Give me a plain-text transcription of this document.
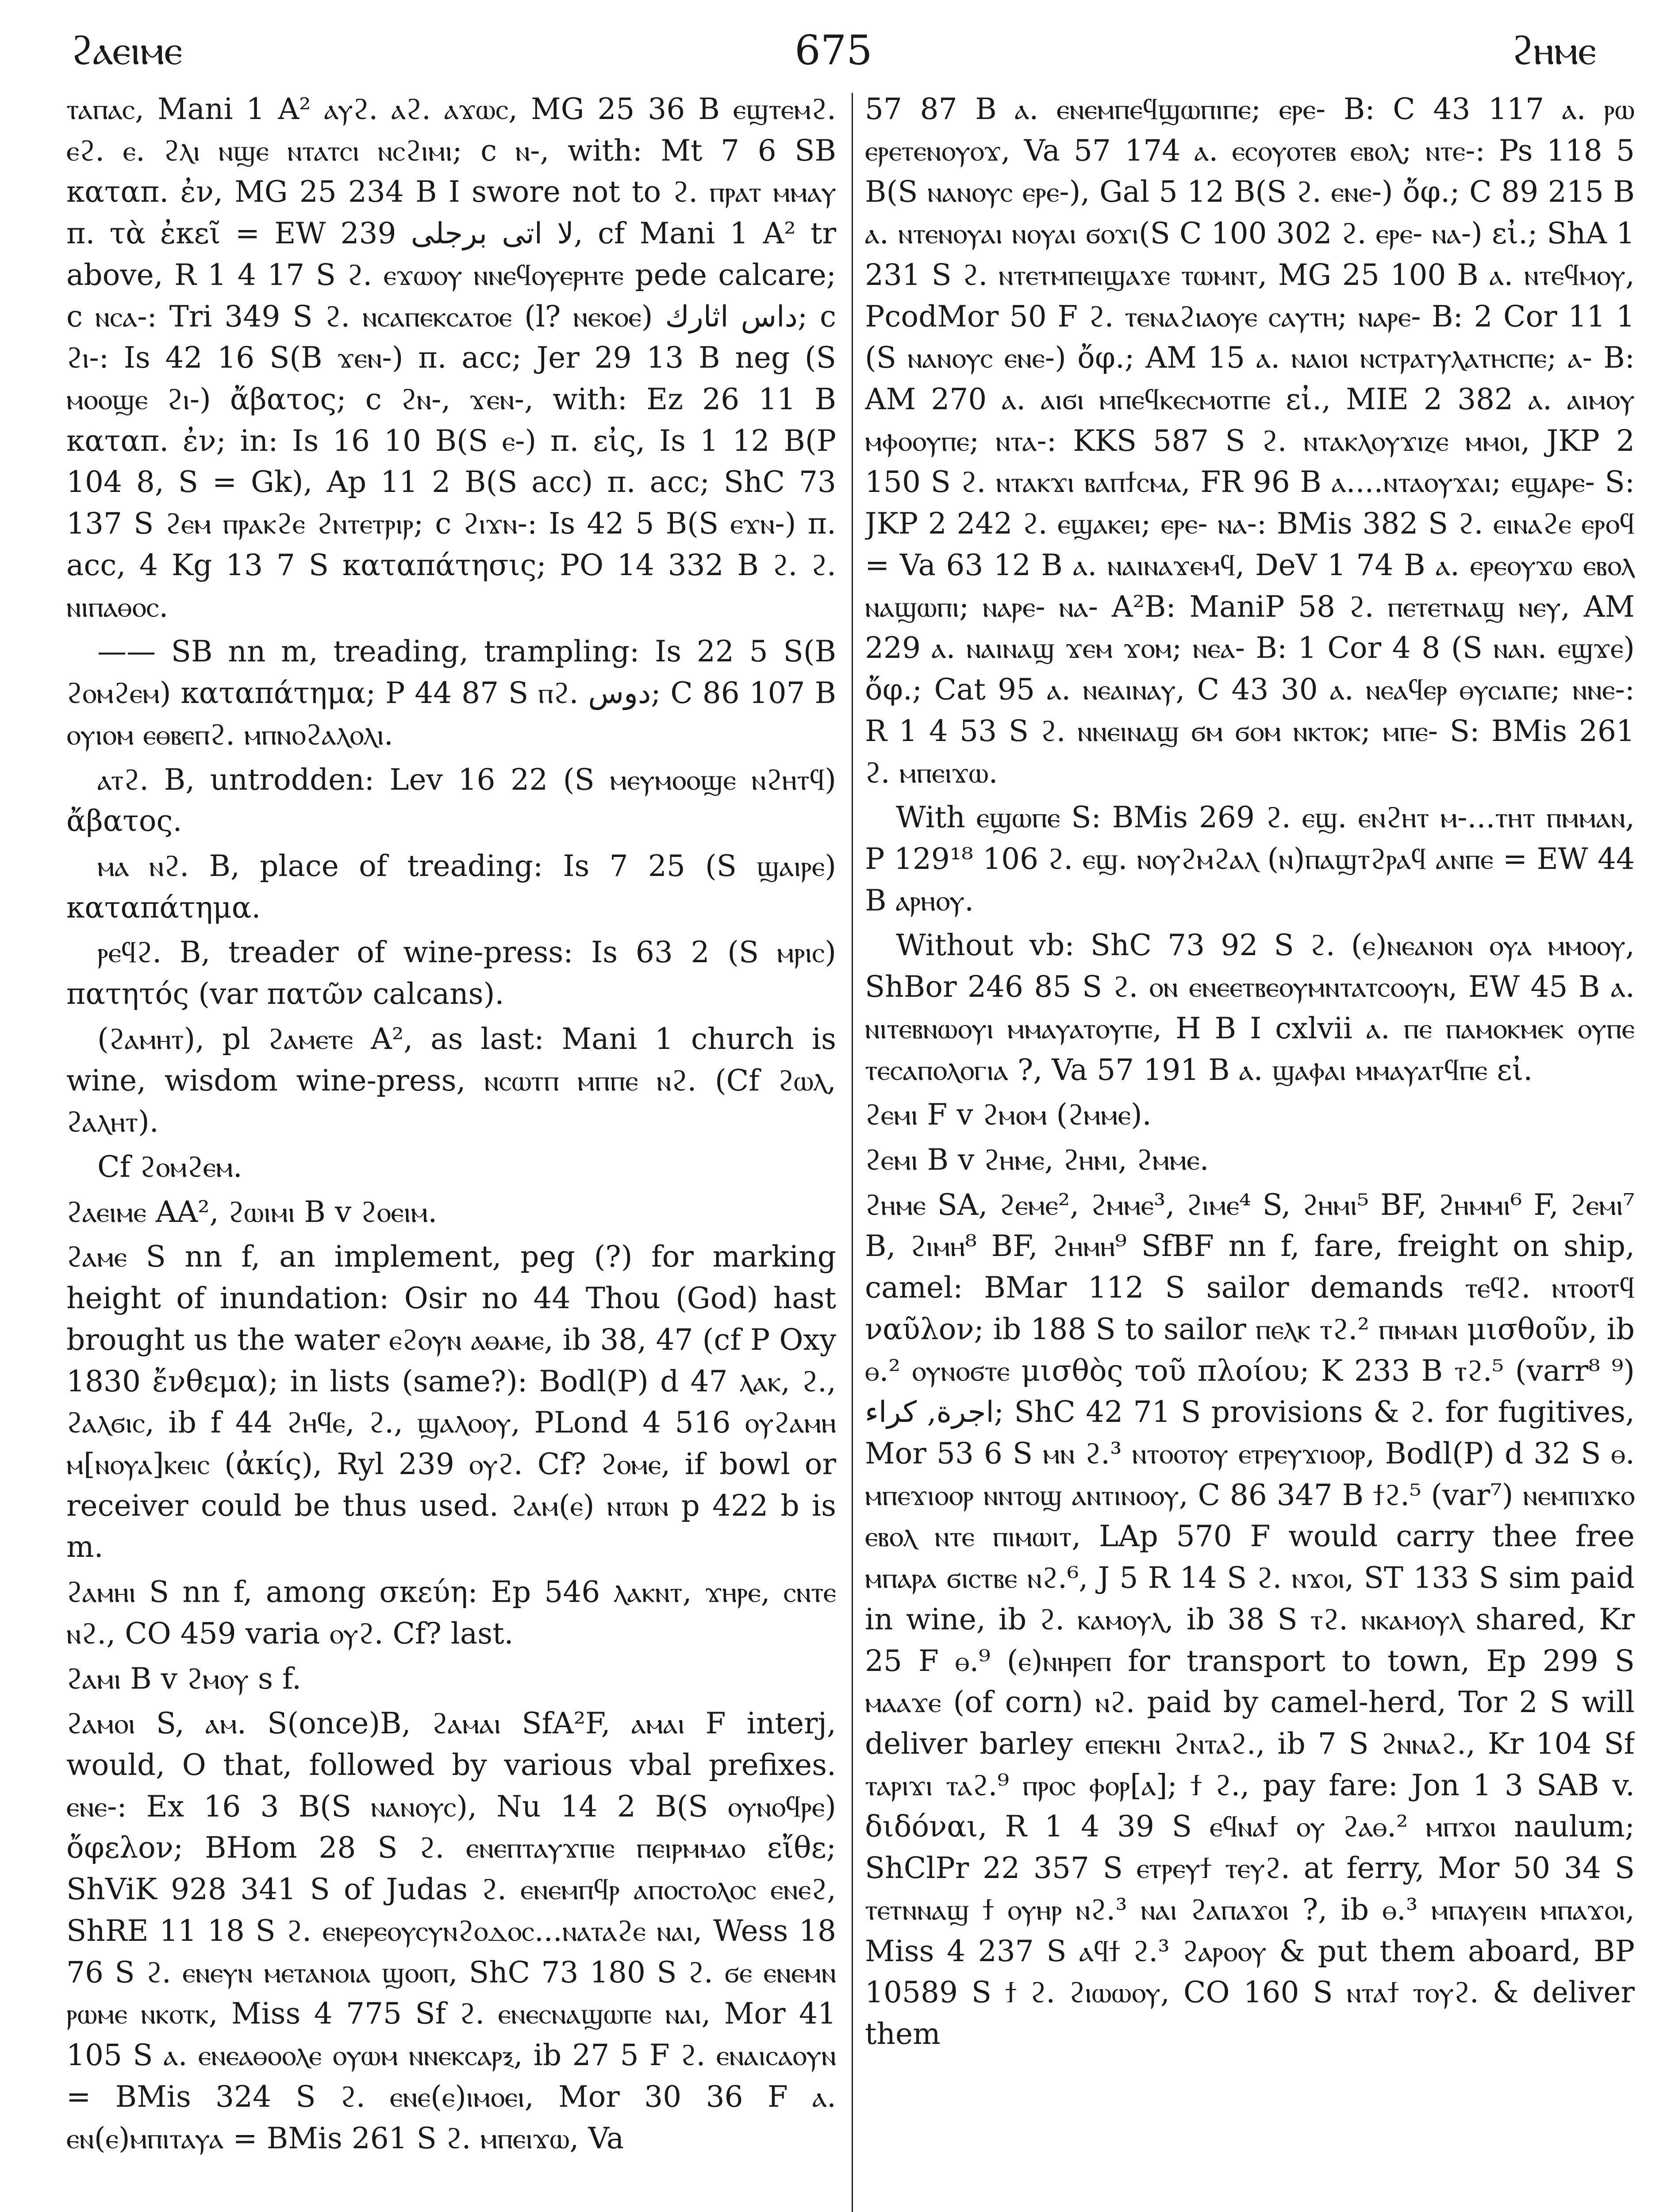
ϩⲁⲉⲓⲙⲉ	675	ϩⲏⲙⲉ

ⲧⲁⲡⲁⲥ, Mani 1 A² ⲁⲩϩ. ⲁϩ. ⲁϫⲱⲥ, MG 25 36 B ⲉϣⲧⲉⲙϩ. ⲉϩ. ⲉ. ϩⲗⲓ ⲛϣⲉ ⲛⲧⲁⲧⲥⲓ ⲛⲥϩⲓⲙⲓ; c ⲛ-, with: Mt 7 6 SB καταπ. ἐν, MG 25 234 B I swore not to ϩ. ⲡⲣⲁⲧ ⲙⲙⲁⲩ π. τὰ ἐκεῖ = EW 239 لا اتى برجلى, cf Mani 1 A² tr above, R 1 4 17 S ϩ. ⲉϫⲱⲟⲩ ⲛⲛⲉϥⲟⲩⲉⲣⲏⲧⲉ pede calcare; c ⲛⲥⲁ-: Tri 349 S ϩ. ⲛⲥⲁⲡⲉⲕⲥⲁⲧⲟⲉ (l? ⲛⲉⲕⲟⲉ) داس اثارك; c ϩⲓ-: Is 42 16 S(B ϫⲉⲛ-) π. acc; Jer 29 13 B neg (S ⲙⲟⲟϣⲉ ϩⲓ-) ἄβατος; c ϩⲛ-, ϫⲉⲛ-, with: Ez 26 11 B καταπ. ἐν; in: Is 16 10 B(S ⲉ-) π. εἰς, Is 1 12 B(P 104 8, S = Gk), Ap 11 2 B(S acc) π. acc; ShC 73 137 S ϩⲉⲙ ⲡⲣⲁⲕϩⲉ ϩⲛⲧⲉⲧⲣⲓⲣ; c ϩⲓϫⲛ-: Is 42 5 B(S ⲉϫⲛ-) π. acc, 4 Kg 13 7 S καταπάτησις; PO 14 332 B ϩ. ϩ. ⲛⲓⲡⲁⲑⲟⲥ.

—— SB nn m, treading, trampling: Is 22 5 S(B ϩⲟⲙϩⲉⲙ) καταπάτημα; P 44 87 S ⲡϩ. دوس; C 86 107 B ⲟⲩⲓⲟⲙ ⲉⲑⲃⲉⲡϩ. ⲙⲡⲛⲟϩⲁⲗⲟⲗⲓ.

ⲁⲧϩ. B, untrodden: Lev 16 22 (S ⲙⲉⲩⲙⲟⲟϣⲉ ⲛϩⲏⲧϥ) ἄβατος.

ⲙⲁ ⲛϩ. B, place of treading: Is 7 25 (S ϣⲁⲓⲣⲉ) καταπάτημα.

ⲣⲉϥϩ. B, treader of wine-press: Is 63 2 (S ⲙⲣⲓⲥ) πατητός (var πατῶν calcans).

(ϩⲁⲙⲏⲧ), pl ϩⲁⲙⲉⲧⲉ A², as last: Mani 1 church is wine, wisdom wine-press, ⲛⲥⲱⲧⲡ ⲙⲡⲡⲉ ⲛϩ. (Cf ϩⲱⲗ, ϩⲁⲗⲏⲧ).

Cf ϩⲟⲙϩⲉⲙ.

ϩⲁⲉⲓⲙⲉ AA², ϩⲱⲓⲙⲓ B v ϩⲟⲉⲓⲙ.

ϩⲁⲙⲉ S nn f, an implement, peg (?) for marking height of inundation: Osir no 44 Thou (God) hast brought us the water ⲉϩⲟⲩⲛ ⲁⲑⲁⲙⲉ, ib 38, 47 (cf P Oxy 1830 ἔνθεμα); in lists (same?): Bodl(P) d 47 ⲗⲁⲕ, ϩ., ϩⲁⲗϭⲓⲥ, ib f 44 ϩⲏϥⲉ, ϩ., ϣⲁⲗⲟⲟⲩ, PLond 4 516 ⲟⲩϩⲁⲙⲏ ⲙ[ⲛⲟⲩⲁ]ⲕⲉⲓⲥ (ἀκίς), Ryl 239 ⲟⲩϩ. Cf? ϩⲟⲙⲉ, if bowl or receiver could be thus used. ϩⲁⲙ(ⲉ) ⲛⲧⲱⲛ p 422 b is m.

ϩⲁⲙⲏⲓ S nn f, among σκεύη: Ep 546 ⲗⲁⲕⲛⲧ, ϫⲏⲣⲉ, ⲥⲛⲧⲉ ⲛϩ., CO 459 varia ⲟⲩϩ. Cf? last.

ϩⲁⲙⲓ B v ϩⲙⲟⲩ s f.

ϩⲁⲙⲟⲓ S, ⲁⲙ. S(once)B, ϩⲁⲙⲁⲓ SfA²F, ⲁⲙⲁⲓ F interj, would, O that, followed by various vbal prefixes. ⲉⲛⲉ-: Ex 16 3 B(S ⲛⲁⲛⲟⲩⲥ), Nu 14 2 B(S ⲟⲩⲛⲟϥⲣⲉ) ὄφελον; BHom 28 S ϩ. ⲉⲛⲉⲡⲧⲁⲩϫⲡⲓⲉ ⲡⲉⲓⲣⲙⲙⲁⲟ εἴθε; ShViK 928 341 S of Judas ϩ. ⲉⲛⲉⲙⲡϥⲣ ⲁⲡⲟⲥⲧⲟⲗⲟⲥ ⲉⲛⲉϩ, ShRE 11 18 S ϩ. ⲉⲛⲉⲣⲉⲟⲩⲥⲩⲛϩⲟⲇⲟⲥ...ⲛⲁⲧⲁϩⲉ ⲛⲁⲓ, Wess 18 76 S ϩ. ⲉⲛⲉⲩⲛ ⲙⲉⲧⲁⲛⲟⲓⲁ ϣⲟⲟⲡ, ShC 73 180 S ϩ. ϭⲉ ⲉⲛⲉⲙⲛ ⲣⲱⲙⲉ ⲛⲕⲟⲧⲕ, Miss 4 775 Sf ϩ. ⲉⲛⲉⲥⲛⲁϣⲱⲡⲉ ⲛⲁⲓ, Mor 41 105 S ⲁ. ⲉⲛⲉⲁⲑⲟⲟⲗⲉ ⲟⲩⲱⲙ ⲛⲛⲉⲕⲥⲁⲣⲝ, ib 27 5 F ϩ. ⲉⲛⲁⲓⲥⲁⲟⲩⲛ = BMis 324 S ϩ. ⲉⲛⲉ(ⲉ)ⲓⲙⲟⲉⲓ, Mor 30 36 F ⲁ. ⲉⲛ(ⲉ)ⲙⲡⲓⲧⲁⲩⲁ = BMis 261 S ϩ. ⲙⲡⲉⲓϫⲱ, Va

57 87 B ⲁ. ⲉⲛⲉⲙⲡⲉϥϣⲱⲡⲓⲡⲉ; ⲉⲣⲉ- B: C 43 117 ⲁ. ⲣⲱ ⲉⲣⲉⲧⲉⲛⲟⲩⲟϫ, Va 57 174 ⲁ. ⲉⲥⲟⲩⲟⲧⲉⲃ ⲉⲃⲟⲗ; ⲛⲧⲉ-: Ps 118 5 B(S ⲛⲁⲛⲟⲩⲥ ⲉⲣⲉ-), Gal 5 12 B(S ϩ. ⲉⲛⲉ-) ὄφ.; C 89 215 B ⲁ. ⲛⲧⲉⲛⲟⲩⲁⲓ ⲛⲟⲩⲁⲓ ϭⲟϫⲓ(S C 100 302 ϩ. ⲉⲣⲉ- ⲛⲁ-) εἰ.; ShA 1 231 S ϩ. ⲛⲧⲉⲧⲙⲡⲉⲓϣⲁϫⲉ ⲧⲱⲙⲛⲧ, MG 25 100 B ⲁ. ⲛⲧⲉϥⲙⲟⲩ, PcodMor 50 F ϩ. ⲧⲉⲛⲁϩⲓⲁⲟⲩⲉ ⲥⲁⲩⲧⲏ; ⲛⲁⲣⲉ- B: 2 Cor 11 1 (S ⲛⲁⲛⲟⲩⲥ ⲉⲛⲉ-) ὄφ.; AM 15 ⲁ. ⲛⲁⲓⲟⲓ ⲛⲥⲧⲣⲁⲧⲩⲗⲁⲧⲏⲥⲡⲉ; ⲁ- B: AM 270 ⲁ. ⲁⲓϭⲓ ⲙⲡⲉϥⲕⲉⲥⲙⲟⲧⲡⲉ εἰ., MIE 2 382 ⲁ. ⲁⲓⲙⲟⲩ ⲙⲫⲟⲟⲩⲡⲉ; ⲛⲧⲁ-: KKS 587 S ϩ. ⲛⲧⲁⲕⲗⲟⲩϫⲓⲍⲉ ⲙⲙⲟⲓ, JKP 2 150 S ϩ. ⲛⲧⲁⲕϫⲓ ⲃⲁⲡϯⲥⲙⲁ, FR 96 B ⲁ....ⲛⲧⲁⲟⲩϫⲁⲓ; ⲉϣⲁⲣⲉ- S: JKP 2 242 ϩ. ⲉϣⲁⲕⲉⲓ; ⲉⲣⲉ- ⲛⲁ-: BMis 382 S ϩ. ⲉⲓⲛⲁϩⲉ ⲉⲣⲟϥ = Va 63 12 B ⲁ. ⲛⲁⲓⲛⲁϫⲉⲙϥ, DeV 1 74 B ⲁ. ⲉⲣⲉⲟⲩϫⲱ ⲉⲃⲟⲗ ⲛⲁϣⲱⲡⲓ; ⲛⲁⲣⲉ- ⲛⲁ- A²B: ManiP 58 ϩ. ⲡⲉⲧⲉⲧⲛⲁϣ ⲛⲉⲩ, AM 229 ⲁ. ⲛⲁⲓⲛⲁϣ ϫⲉⲙ ϫⲟⲙ; ⲛⲉⲁ- B: 1 Cor 4 8 (S ⲛⲁⲛ. ⲉϣϫⲉ) ὄφ.; Cat 95 ⲁ. ⲛⲉⲁⲓⲛⲁⲩ, C 43 30 ⲁ. ⲛⲉⲁϥⲉⲣ ⲑⲩⲥⲓⲁⲡⲉ; ⲛⲛⲉ-: R 1 4 53 S ϩ. ⲛⲛⲉⲓⲛⲁϣ ϭⲙ ϭⲟⲙ ⲛⲕⲧⲟⲕ; ⲙⲡⲉ- S: BMis 261 ϩ. ⲙⲡⲉⲓϫⲱ.

With ⲉϣⲱⲡⲉ S: BMis 269 ϩ. ⲉϣ. ⲉⲛϩⲏⲧ ⲙ-...ⲧⲏⲧ ⲡⲙⲙⲁⲛ, P 129¹⁸ 106 ϩ. ⲉϣ. ⲛⲟⲩϩⲙϩⲁⲗ (ⲛ)ⲡⲁϣⲧϩⲣⲁϥ ⲁⲛⲡⲉ = EW 44 B ⲁⲣⲏⲟⲩ.

Without vb: ShC 73 92 S ϩ. (ⲉ)ⲛⲉⲁⲛⲟⲛ ⲟⲩⲁ ⲙⲙⲟⲟⲩ, ShBor 246 85 S ϩ. ⲟⲛ ⲉⲛⲉⲉⲧⲃⲉⲟⲩⲙⲛⲧⲁⲧⲥⲟⲟⲩⲛ, EW 45 B ⲁ. ⲛⲓⲧⲉⲃⲛⲱⲟⲩⲓ ⲙⲙⲁⲩⲁⲧⲟⲩⲡⲉ, H B I cxlvii ⲁ. ⲡⲉ ⲡⲁⲙⲟⲕⲙⲉⲕ ⲟⲩⲡⲉ ⲧⲉⲥⲁⲡⲟⲗⲟⲅⲓⲁ ?, Va 57 191 B ⲁ. ϣⲁⲫⲁⲓ ⲙⲙⲁⲩⲁⲧϥⲡⲉ εἰ.

ϩⲉⲙⲓ F v ϩⲙⲟⲙ (ϩⲙⲙⲉ).

ϩⲉⲙⲓ B v ϩⲏⲙⲉ, ϩⲏⲙⲓ, ϩⲙⲙⲉ.

ϩⲏⲙⲉ SA, ϩⲉⲙⲉ², ϩⲙⲙⲉ³, ϩⲓⲙⲉ⁴ S, ϩⲏⲙⲓ⁵ BF, ϩⲏⲙⲙⲓ⁶ F, ϩⲉⲙⲓ⁷ B, ϩⲓⲙⲏ⁸ BF, ϩⲏⲙⲏ⁹ SfBF nn f, fare, freight on ship, camel: BMar 112 S sailor demands ⲧⲉϥϩ. ⲛⲧⲟⲟⲧϥ ναῦλον; ib 188 S to sailor ⲡⲉⲗⲕ ⲧϩ.² ⲡⲙⲙⲁⲛ μισθοῦν, ib ⲑ.² ⲟⲩⲛⲟϭⲧⲉ μισθὸς τοῦ πλοίου; K 233 B ⲧϩ.⁵ (varr⁸ ⁹) اجرة, كراء; ShC 42 71 S provisions & ϩ. for fugitives, Mor 53 6 S ⲙⲛ ϩ.³ ⲛⲧⲟⲟⲧⲟⲩ ⲉⲧⲣⲉⲩϫⲓⲟⲟⲣ, Bodl(P) d 32 S ⲑ. ⲙⲡⲉϫⲓⲟⲟⲣ ⲛⲛⲧⲟϣ ⲁⲛⲧⲓⲛⲟⲟⲩ, C 86 347 B ϯϩ.⁵ (var⁷) ⲛⲉⲙⲡⲓϫⲕⲟ ⲉⲃⲟⲗ ⲛⲧⲉ ⲡⲓⲙⲱⲓⲧ, LAp 570 F would carry thee free ⲙⲡⲁⲣⲁ ϭⲓⲥⲧⲃⲉ ⲛϩ.⁶, J 5 R 14 S ϩ. ⲛϫⲟⲓ, ST 133 S sim paid in wine, ib ϩ. ⲕⲁⲙⲟⲩⲗ, ib 38 S ⲧϩ. ⲛⲕⲁⲙⲟⲩⲗ shared, Kr 25 F ⲑ.⁹ (ⲉ)ⲛⲏⲣⲉⲡ for transport to town, Ep 299 S ⲙⲁⲁϫⲉ (of corn) ⲛϩ. paid by camel-herd, Tor 2 S will deliver barley ⲉⲡⲉⲕⲏⲓ ϩⲛⲧⲁϩ., ib 7 S ϩⲛⲛⲁϩ., Kr 104 Sf ⲧⲁⲣⲓϫⲓ ⲧⲁϩ.⁹ ⲡⲣⲟⲥ ⲫⲟⲣ[ⲁ]; ϯ ϩ., pay fare: Jon 1 3 SAB v. διδόναι, R 1 4 39 S ⲉϥⲛⲁϯ ⲟⲩ ϩⲁⲑ.² ⲙⲡϫⲟⲓ naulum; ShClPr 22 357 S ⲉⲧⲣⲉⲩϯ ⲧⲉⲩϩ. at ferry, Mor 50 34 S ⲧⲉⲧⲛⲛⲁϣ ϯ ⲟⲩⲏⲣ ⲛϩ.³ ⲛⲁⲓ ϩⲁⲡⲁϫⲟⲓ ?, ib ⲑ.³ ⲙⲡⲁⲩⲉⲓⲛ ⲙⲡⲁϫⲟⲓ, Miss 4 237 S ⲁϥϯ ϩ.³ ϩⲁⲣⲟⲟⲩ & put them aboard, BP 10589 S ϯ ϩ. ϩⲓⲱⲱⲟⲩ, CO 160 S ⲛⲧⲁϯ ⲧⲟⲩϩ. & deliver them
